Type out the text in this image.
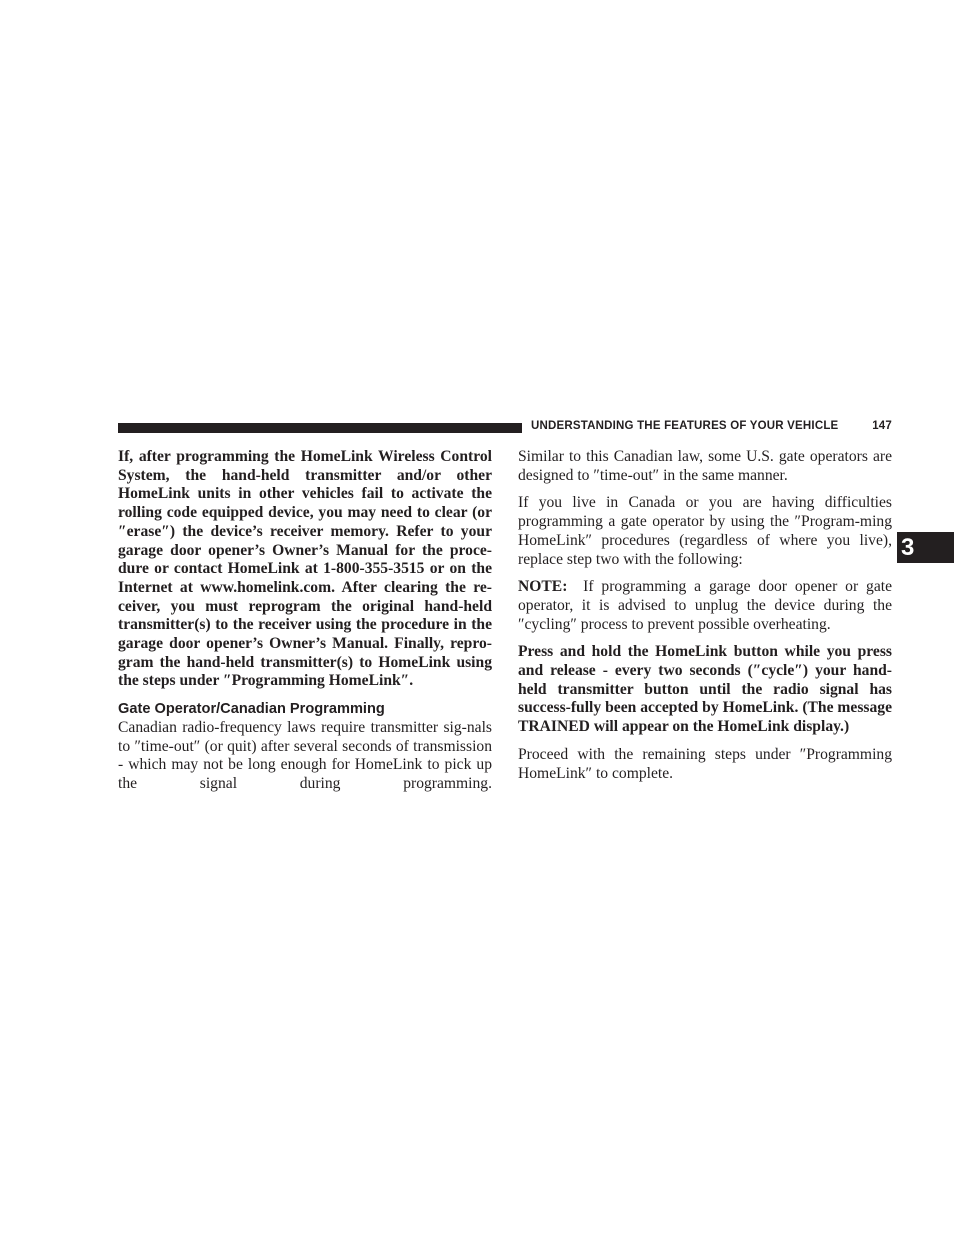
UNDERSTANDING THE FEATURES OF YOUR VEHICLE	147
3

If, after programming the HomeLink Wireless Control System, the hand-held transmitter and/or other HomeLink units in other vehicles fail to activate the rolling code equipped device, you may need to clear (or ″erase″) the device’s receiver memory. Refer to your garage door opener’s Owner’s Manual for the proce-dure or contact HomeLink at 1-800-355-3515 or on the Internet at www.homelink.com. After clearing the re-ceiver, you must reprogram the original hand-held transmitter(s) to the receiver using the procedure in the garage door opener’s Owner’s Manual. Finally, repro-gram the hand-held transmitter(s) to HomeLink using the steps under ″Programming HomeLink″.

Gate Operator/Canadian Programming

Canadian radio-frequency laws require transmitter sig-nals to ″time-out″ (or quit) after several seconds of transmission - which may not be long enough for HomeLink to pick up the signal during programming.

Similar to this Canadian law, some U.S. gate operators are designed to ″time-out″ in the same manner.

If you live in Canada or you are having difficulties programming a gate operator by using the ″Program-ming HomeLink″ procedures (regardless of where you live), replace step two with the following:

NOTE: If programming a garage door opener or gate operator, it is advised to unplug the device during the ″cycling″ process to prevent possible overheating.

Press and hold the HomeLink button while you press and release - every two seconds (″cycle″) your hand-held transmitter button until the radio signal has success-fully been accepted by HomeLink. (The message TRAINED will appear on the HomeLink display.)

Proceed with the remaining steps under ″Programming HomeLink″ to complete.
